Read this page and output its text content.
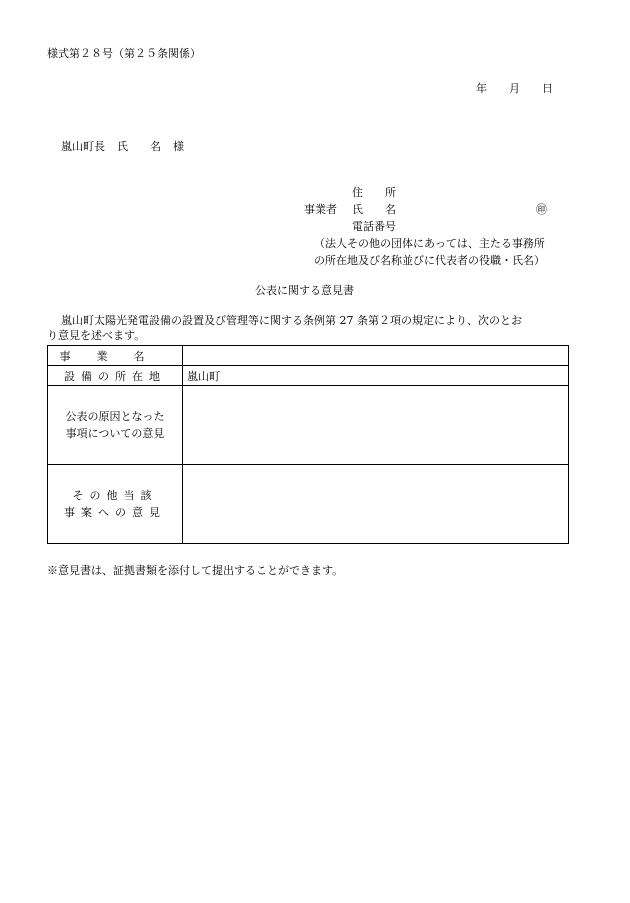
様式第２８号（第２５条関係）
年 月 日
嵐山町長 氏 名 様
住　　所
事業者 氏　　名	㊞
電話番号
（法人その他の団体にあっては、主たる事務所
の所在地及び名称並びに代表者の役職・氏名）
公表に関する意見書
嵐山町太陽光発電設備の設置及び管理等に関する条例第 27 条第２項の規定により、次のとお
り意見を述べます。
事業名	
設備の所在地	嵐山町

公表の原因となった
事項についての意見	

その他当該
事案への意見	

※意見書は、証拠書類を添付して提出することができます。
